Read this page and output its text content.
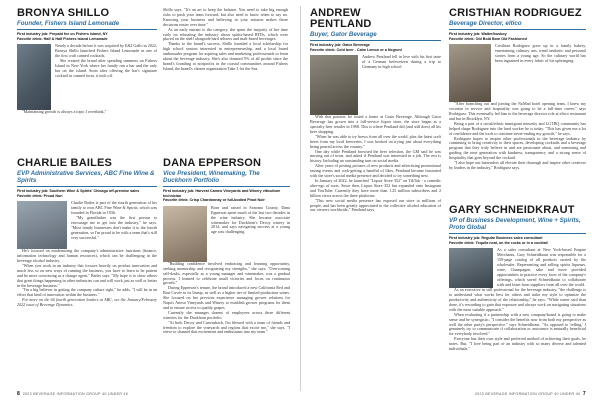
BRONYA SHILLO
Founder, Fishers Island Lemonade
First industry job: Prepaid fee on Fishers Island, NY
Favorite drink: Half & Half Fishers Island Lemonade

Nearly a decade before it was acquired by E&J Gallo in 2022, Bronya Shillo launched Fishers Island Lemonade as one of the first craft canned cocktails.

She created the brand after spending summers on Fishers Island in New York where her family ran a bar and the only bar on the island. Soon after offering the bar's signature cocktail in canned form, it took off.

"Maintaining growth is always a topic I overthink,"

Shillo says. "It's an art to keep the balance. You need to take big enough risks to push your team forward, but also need to know when to say no. Knowing your business and believing in your mission makes those decisions easier over time."

As an early entrant to the category, she spent the majority of her time early on educating the industry about spirits-based RTDs, which were placed on the shelf alongside hard seltzers and malt-based beverages.

Thanks to the brand's success, Shillo founded a local scholarship for high school seniors interested in entrepreneurship, and a local brand ambassador program for aspiring sales and marketing professionals to learn about the beverage industry. She's also donated 5% of all profits since the brand's founding to nonprofits in the coastal communities around Fishers Island, the brand's chosen organization Take 3 for the Sea.

CHARLIE BAILES
EVP Administrative Services, ABC Fine Wine & Spirits
First industry job: Southern Wine & Spirits' Chicago off-premise sales
Favorite drink: Proud Nun

Charlie Bailes is part of the fourth generation of his family to own ABC Fine Wine & Spirits, which was founded in Florida in 1936.

"My grandfather was the first person to encourage me to get into the industry," he says. "Most family businesses don't make it to the fourth generation, so I'm proud to be with a team that's still very successful."

He's focused on modernizing the company's administrative functions (finance, information technology and human resources), which can be challenging in the beverage alcohol industry.

"When you work in an industry that focuses heavily on product innovation and much less so on new ways of running the business, you have to learn to be patient and be more convincing as a change agent," Bailes says. "My hope is to show others that great things happening in other industries can and will work just as well or better in the beverage business."

"I'm a big believer in getting the company culture right," he adds. "I will be in an effort that kind of innovation within the business."

For more on the 60 fourth generation leaders at ABC, see the January/February 2022 issue of Beverage Dynamics.

DANA EPPERSON
Vice President, Winemaking, The Duckhorn Portfolio
First industry job: Harvest Cameo Vineyards and Winery viticulture technician
Favorite drink: Crisp Chardonnay or full-bodied Pinot Noir

Born and raised in Sonoma County, Dana Epperson spent much of the last two decades in the wine industry. She became associate winemaker for Duckhorn's Decoy winery in 2014, and says navigating success at a young age was challenging.

"Building confidence involved embracing and learning opportunity, seeking mentorship and recognizing my strengths," she says. "Overcoming self-doubt, especially as a young manager and winemaker, was a gradual process. I learned to celebrate small victories and focus on continuous growth."

During Epperson's tenure, the brand introduced a new California Red and Brut Cuvée to its lineup, as well as a higher tier of limited production wines. She focused on her previous experience managing grower relations for Napa's Artesa Vineyards and Winery to establish grower programs for them and to ensure access to quality grapes.

Currently she manages dozens of employees across three different wineries for the Duckhorn portfolio.

"At both Decoy and Canvasback, I'm blessed with a team of friends and freedom to explore the vineyards and regions that excite me," she says. "I strive to channel that excitement and enthusiasm into my team."

ANDREW PENTLAND
Buyer, Gator Beverage
First industry job: Gator Beverage
Favorite drink: Cold beer - Calm Lemon or a Negroni

Andrew Pentland fell in love with his first taste of a German hefeweizen during a trip to Germany in high school.

With that passion, he found a home at Gator Beverage. Although Gator Beverage has grown into a full-service liquor store, the store began as a specialty beer retailer in 1988. This is where Pentland did (and still does) all his beer shopping.

"When he was able to try brews from all over the world, plus the latest craft beers from my local breweries, I was hooked on trying just about everything being poured across the country."

One day while Pentland browsed the beer selection, the GM said he was moving out of town, and asked if Pentland was interested in a job. The rest is history. Including an outstanding turn on social media.

After years of posting pictures of new products and advertising promotional tasting events and cork-getting a handful of likes, Pentland became frustrated with the store's social media presence and decided to try something new.

In January of 2022, he launched "Liquor Store 352" on TikTok - a comedic alter-ego of sorts. Since then, Liquor Store 352 has expanded onto Instagram and YouTube. Currently they have more than 1.25 million subscribers and 2 billion views across the three platforms.

"This new social media presence has exposed our store to millions of people, and has been greatly appreciated to the collective alcohol education of our viewers worldwide," Pentland says.

CRISTHIAN RODRIGUEZ
Beverage Director, eltico
First industry job: Waiter/busboy
Favorite drink: Old Bold Bom Old Fashioned

Cristhian Rodriguez grew up in a family bakery, entertaining culinary arts, trend aesthetic and personal stories from a young age. So the culinary world has been ingrained in every fabric of his upbringing.

"After branching out and joining the NoMad hotel opening team, I knew my vocation in service and hospitality was going to be a full-time career," says Rodriguez. This eventually led him to the beverage director role at eltico restaurant and bar in Brooklyn, NY.

Being a part of a racial/ethnic immigrant minority and LGTBQ community has helped shape Rodriguez into the hard worker he is today. "This has given me a lot of confidence and the tools to continue never-ending my growth," he says.

Rodriguez hopes to inspire other professionals in the beverage industry by continuing to bring creativity to their spaces, developing cocktails and a beverage program that they truly believe in and are passionate about, and mentoring and guiding the next generation with kindness, transparency and a strong sense of hospitality that goes beyond the cocktail.

"I also hope our bartenders all elevate their thorough and inspire other creatives by leaders in the industry," Rodriguez says.

GARY SCHNEIDKRAUT
VP of Business Development, Wine + Spirits, Proto Global
First industry job: Regular Business sales consultant
Favorite drink: Tequila neat, on the rocks or in a cocktail

As a sales consultant at New York-based Empire Merchants, Gary Schneidkraut was responsible for a 150-page catalog of all products carried by the wholesaler. Representing and selling spirits liqueurs, wine, Champagne, sake and more provided opportunities to practice every facet of the company's offerings, which saved Schneidkraut to collaborate with and learn from suppliers from all over the world.

As an executive in still professional for the beverage industry, "the challenge is to understand what works best for others and tailor my style to optimize the productivity and authenticity of the relationship," he says. "While easier said than done, it's rewarding to gain that exposure and always work on navigating situations with the most suitable approach."

When evaluating if a partnership with a new company/brand is going to make sense and be synergistic, "I consider the benefits now from both my perspective as well the other party's perspective," says Schneidkraut. "As opposed to 'selling,' I genuinely try to communicate if collaboration or assistance is mutually beneficial for everybody involved."

Everyone has their own style and preferred method of achieving their goals, he notes. But, "I love being part of an industry with so many diverse and talented individuals."

8 2023 BEVERAGE INFORMATION GROUP 40 UNDER 40	2023 BEVERAGE INFORMATION GROUP 40 UNDER 40 7
